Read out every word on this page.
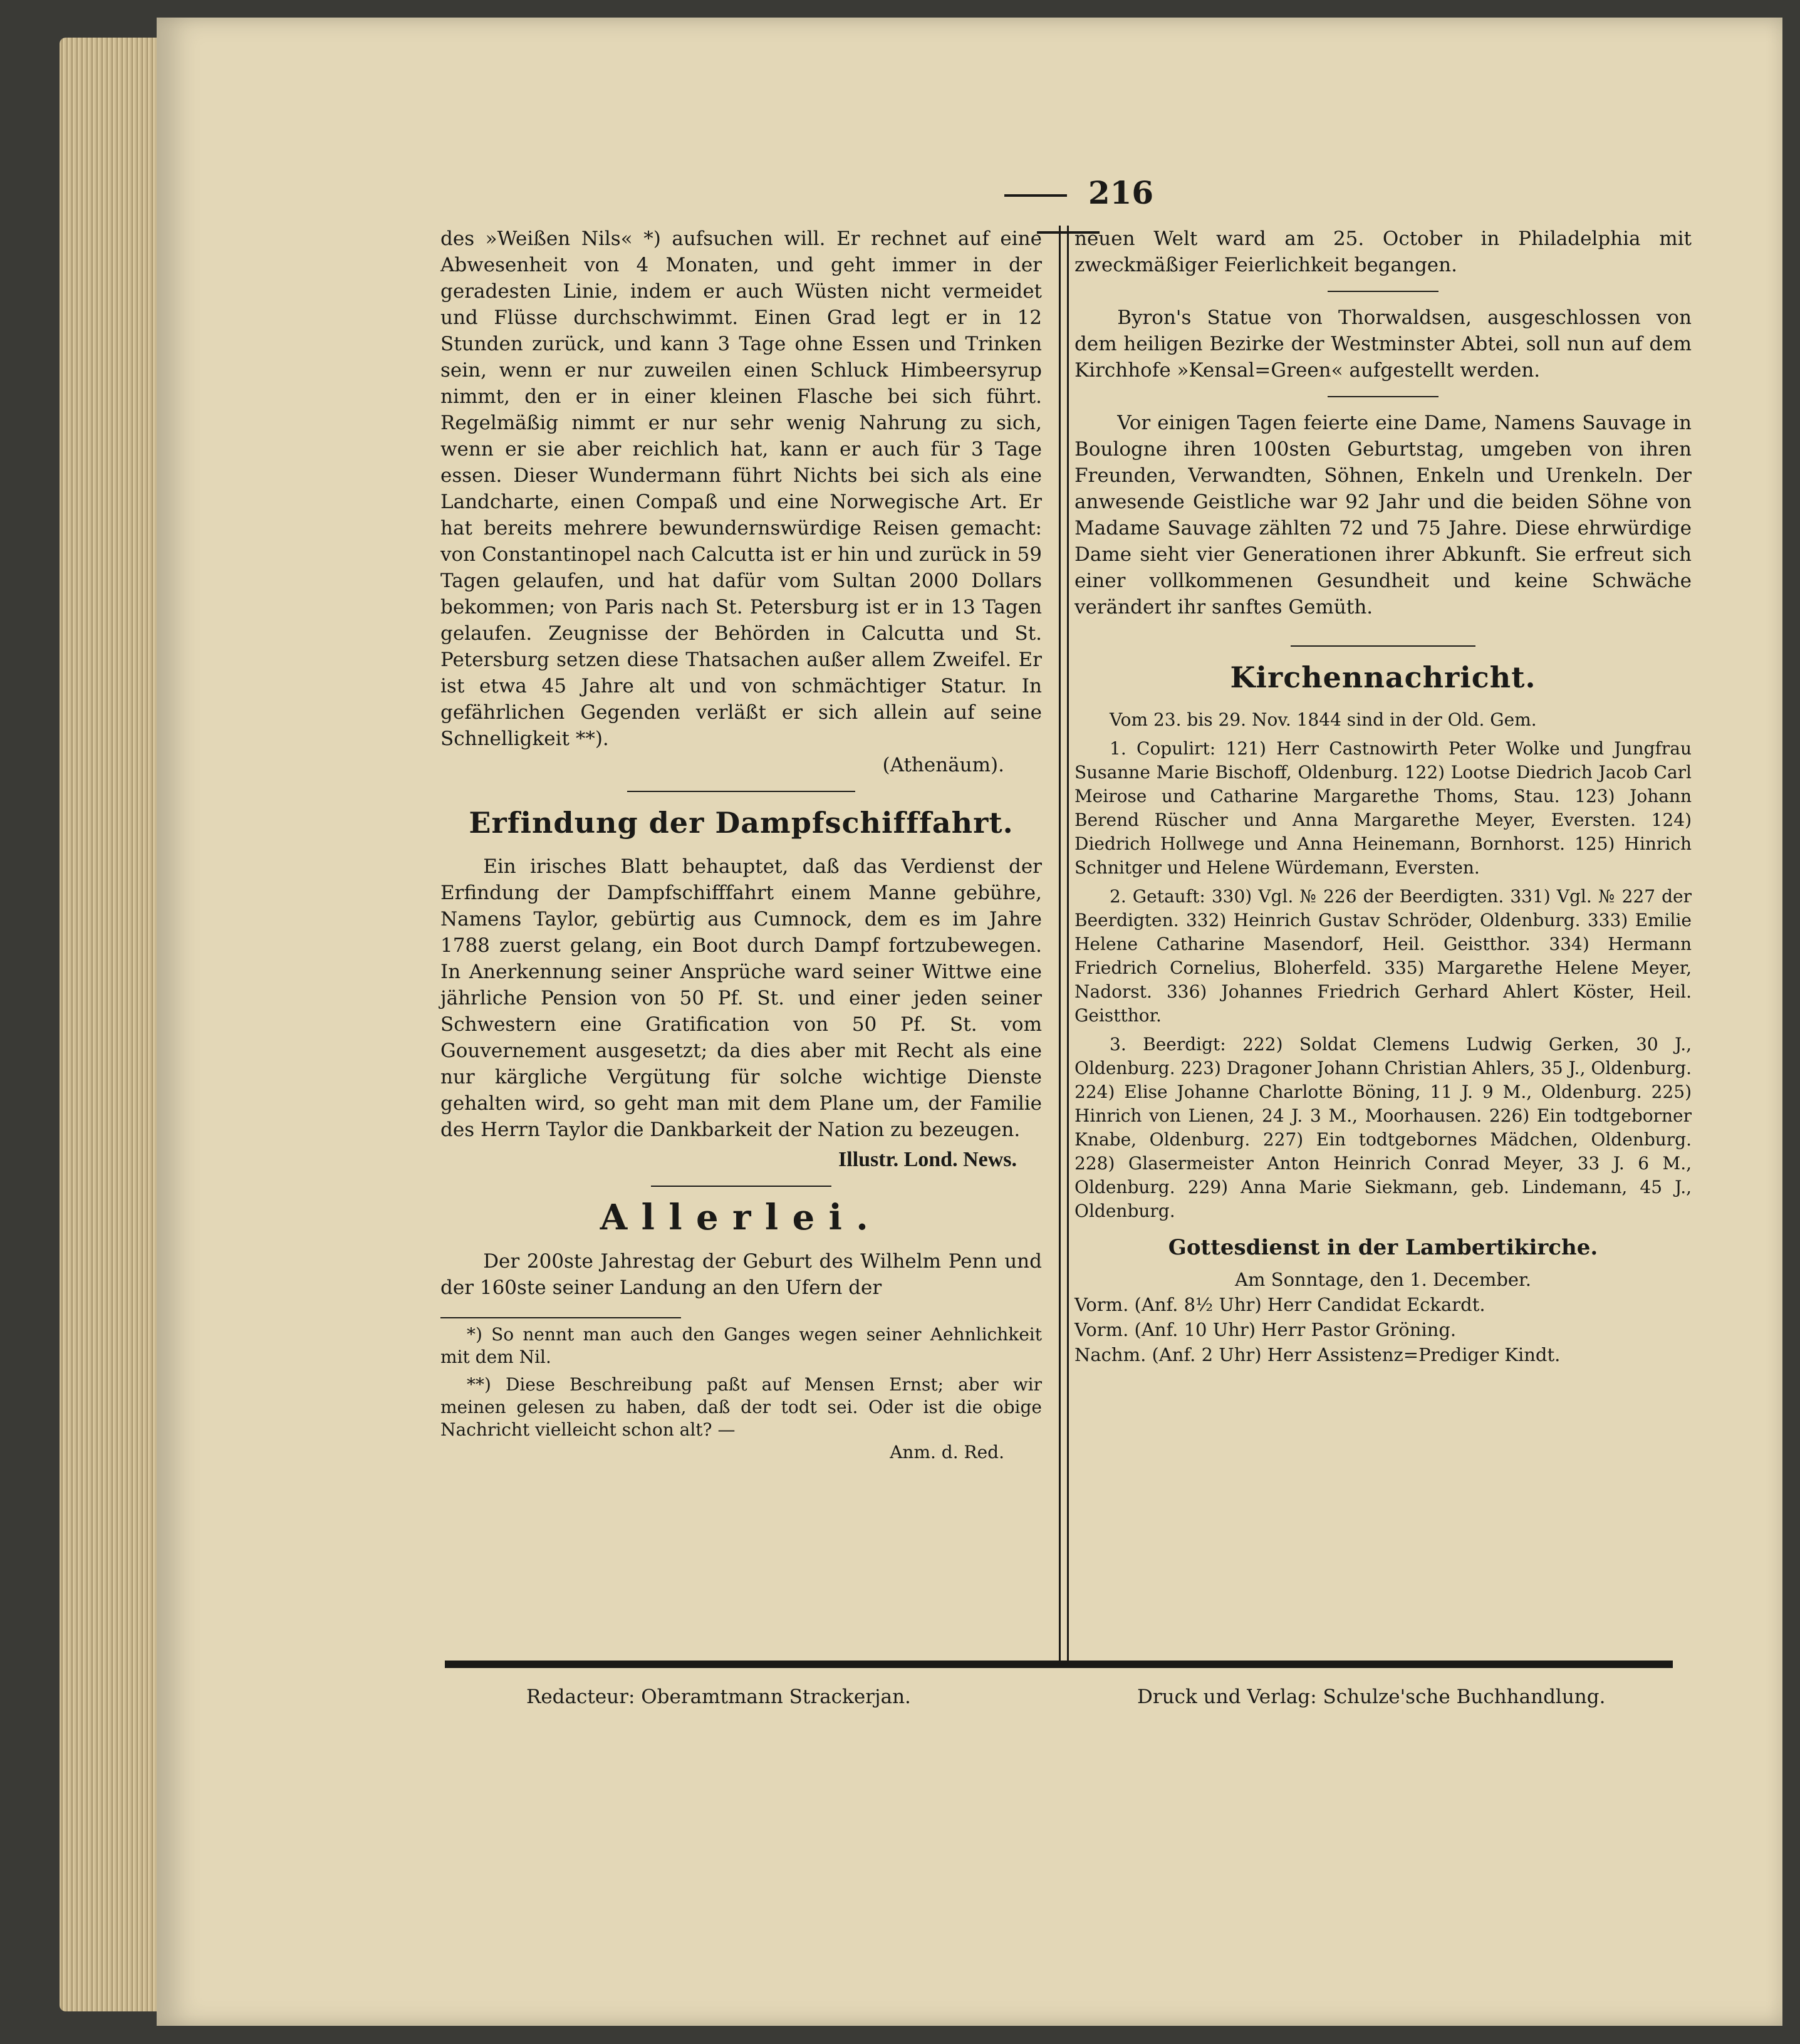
216

des »Weißen Nils« *) aufsuchen will. Er rechnet auf eine Abwesenheit von 4 Monaten, und geht immer in der geradesten Linie, indem er auch Wüsten nicht vermeidet und Flüsse durchschwimmt. Einen Grad legt er in 12 Stunden zurück, und kann 3 Tage ohne Essen und Trinken sein, wenn er nur zuweilen einen Schluck Himbeersyrup nimmt, den er in einer kleinen Flasche bei sich führt. Regelmäßig nimmt er nur sehr wenig Nahrung zu sich, wenn er sie aber reichlich hat, kann er auch für 3 Tage essen. Dieser Wundermann führt Nichts bei sich als eine Landcharte, einen Compaß und eine Norwegische Art. Er hat bereits mehrere bewundernswürdige Reisen gemacht: von Constantinopel nach Calcutta ist er hin und zurück in 59 Tagen gelaufen, und hat dafür vom Sultan 2000 Dollars bekommen; von Paris nach St. Petersburg ist er in 13 Tagen gelaufen. Zeugnisse der Behörden in Calcutta und St. Petersburg setzen diese Thatsachen außer allem Zweifel. Er ist etwa 45 Jahre alt und von schmächtiger Statur. In gefährlichen Gegenden verläßt er sich allein auf seine Schnelligkeit **).

(Athenäum).

Erfindung der Dampfschifffahrt.

Ein irisches Blatt behauptet, daß das Verdienst der Erfindung der Dampfschifffahrt einem Manne gebühre, Namens Taylor, gebürtig aus Cumnock, dem es im Jahre 1788 zuerst gelang, ein Boot durch Dampf fortzubewegen. In Anerkennung seiner Ansprüche ward seiner Wittwe eine jährliche Pension von 50 Pf. St. und einer jeden seiner Schwestern eine Gratification von 50 Pf. St. vom Gouvernement ausgesetzt; da dies aber mit Recht als eine nur kärgliche Vergütung für solche wichtige Dienste gehalten wird, so geht man mit dem Plane um, der Familie des Herrn Taylor die Dankbarkeit der Nation zu bezeugen.

Illustr. Lond. News.

Allerlei.

Der 200ste Jahrestag der Geburt des Wilhelm Penn und der 160ste seiner Landung an den Ufern der

*) So nennt man auch den Ganges wegen seiner Aehnlichkeit mit dem Nil.

**) Diese Beschreibung paßt auf Mensen Ernst; aber wir meinen gelesen zu haben, daß der todt sei. Oder ist die obige Nachricht vielleicht schon alt? —

Anm. d. Red.

neuen Welt ward am 25. October in Philadelphia mit zweckmäßiger Feierlichkeit begangen.

Byron's Statue von Thorwaldsen, ausgeschlossen von dem heiligen Bezirke der Westminster Abtei, soll nun auf dem Kirchhofe »Kensal=Green« aufgestellt werden.

Vor einigen Tagen feierte eine Dame, Namens Sauvage in Boulogne ihren 100sten Geburtstag, umgeben von ihren Freunden, Verwandten, Söhnen, Enkeln und Urenkeln. Der anwesende Geistliche war 92 Jahr und die beiden Söhne von Madame Sauvage zählten 72 und 75 Jahre. Diese ehrwürdige Dame sieht vier Generationen ihrer Abkunft. Sie erfreut sich einer vollkommenen Gesundheit und keine Schwäche verändert ihr sanftes Gemüth.

Kirchennachricht.

Vom 23. bis 29. Nov. 1844 sind in der Old. Gem.

1. Copulirt: 121) Herr Castnowirth Peter Wolke und Jungfrau Susanne Marie Bischoff, Oldenburg. 122) Lootse Diedrich Jacob Carl Meirose und Catharine Margarethe Thoms, Stau. 123) Johann Berend Rüscher und Anna Margarethe Meyer, Eversten. 124) Diedrich Hollwege und Anna Heinemann, Bornhorst. 125) Hinrich Schnitger und Helene Würdemann, Eversten.

2. Getauft: 330) Vgl. № 226 der Beerdigten. 331) Vgl. № 227 der Beerdigten. 332) Heinrich Gustav Schröder, Oldenburg. 333) Emilie Helene Catharine Masendorf, Heil. Geistthor. 334) Hermann Friedrich Cornelius, Bloherfeld. 335) Margarethe Helene Meyer, Nadorst. 336) Johannes Friedrich Gerhard Ahlert Köster, Heil. Geistthor.

3. Beerdigt: 222) Soldat Clemens Ludwig Gerken, 30 J., Oldenburg. 223) Dragoner Johann Christian Ahlers, 35 J., Oldenburg. 224) Elise Johanne Charlotte Böning, 11 J. 9 M., Oldenburg. 225) Hinrich von Lienen, 24 J. 3 M., Moorhausen. 226) Ein todtgeborner Knabe, Oldenburg. 227) Ein todtgebornes Mädchen, Oldenburg. 228) Glasermeister Anton Heinrich Conrad Meyer, 33 J. 6 M., Oldenburg. 229) Anna Marie Siekmann, geb. Lindemann, 45 J., Oldenburg.

Gottesdienst in der Lambertikirche.

Am Sonntage, den 1. December.

Vorm. (Anf. 8½ Uhr) Herr Candidat Eckardt.

Vorm. (Anf. 10 Uhr) Herr Pastor Gröning.

Nachm. (Anf. 2 Uhr) Herr Assistenz=Prediger Kindt.

Redacteur: Oberamtmann Strackerjan.	Druck und Verlag: Schulze'sche Buchhandlung.
